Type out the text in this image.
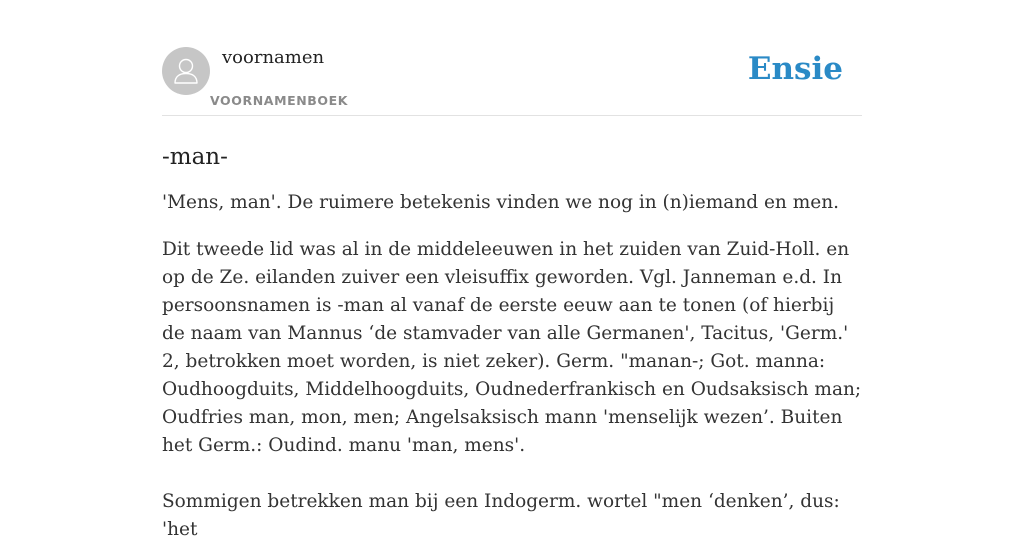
voornamen
VOORNAMENBOEK
Ensie
-man-

'Mens, man'. De ruimere betekenis vinden we nog in (n)iemand en men.

Dit tweede lid was al in de middeleeuwen in het zuiden van Zuid-Holl. en op de Ze. eilanden zuiver een vleisuffix geworden. Vgl. Janneman e.d. In persoonsnamen is -man al vanaf de eerste eeuw aan te tonen (of hierbij de naam van Mannus ‘de stamvader van alle Germanen', Tacitus, 'Germ.' 2, betrokken moet worden, is niet zeker). Germ. "manan-; Got. manna: Oudhoogduits, Middelhoogduits, Oudnederfrankisch en Oudsaksisch man; Oudfries man, mon, men; Angelsaksisch mann 'menselijk wezen’. Buiten het Germ.: Oudind. manu 'man, mens'.

Sommigen betrekken man bij een Indogerm. wortel "men ‘denken’, dus: 'het
